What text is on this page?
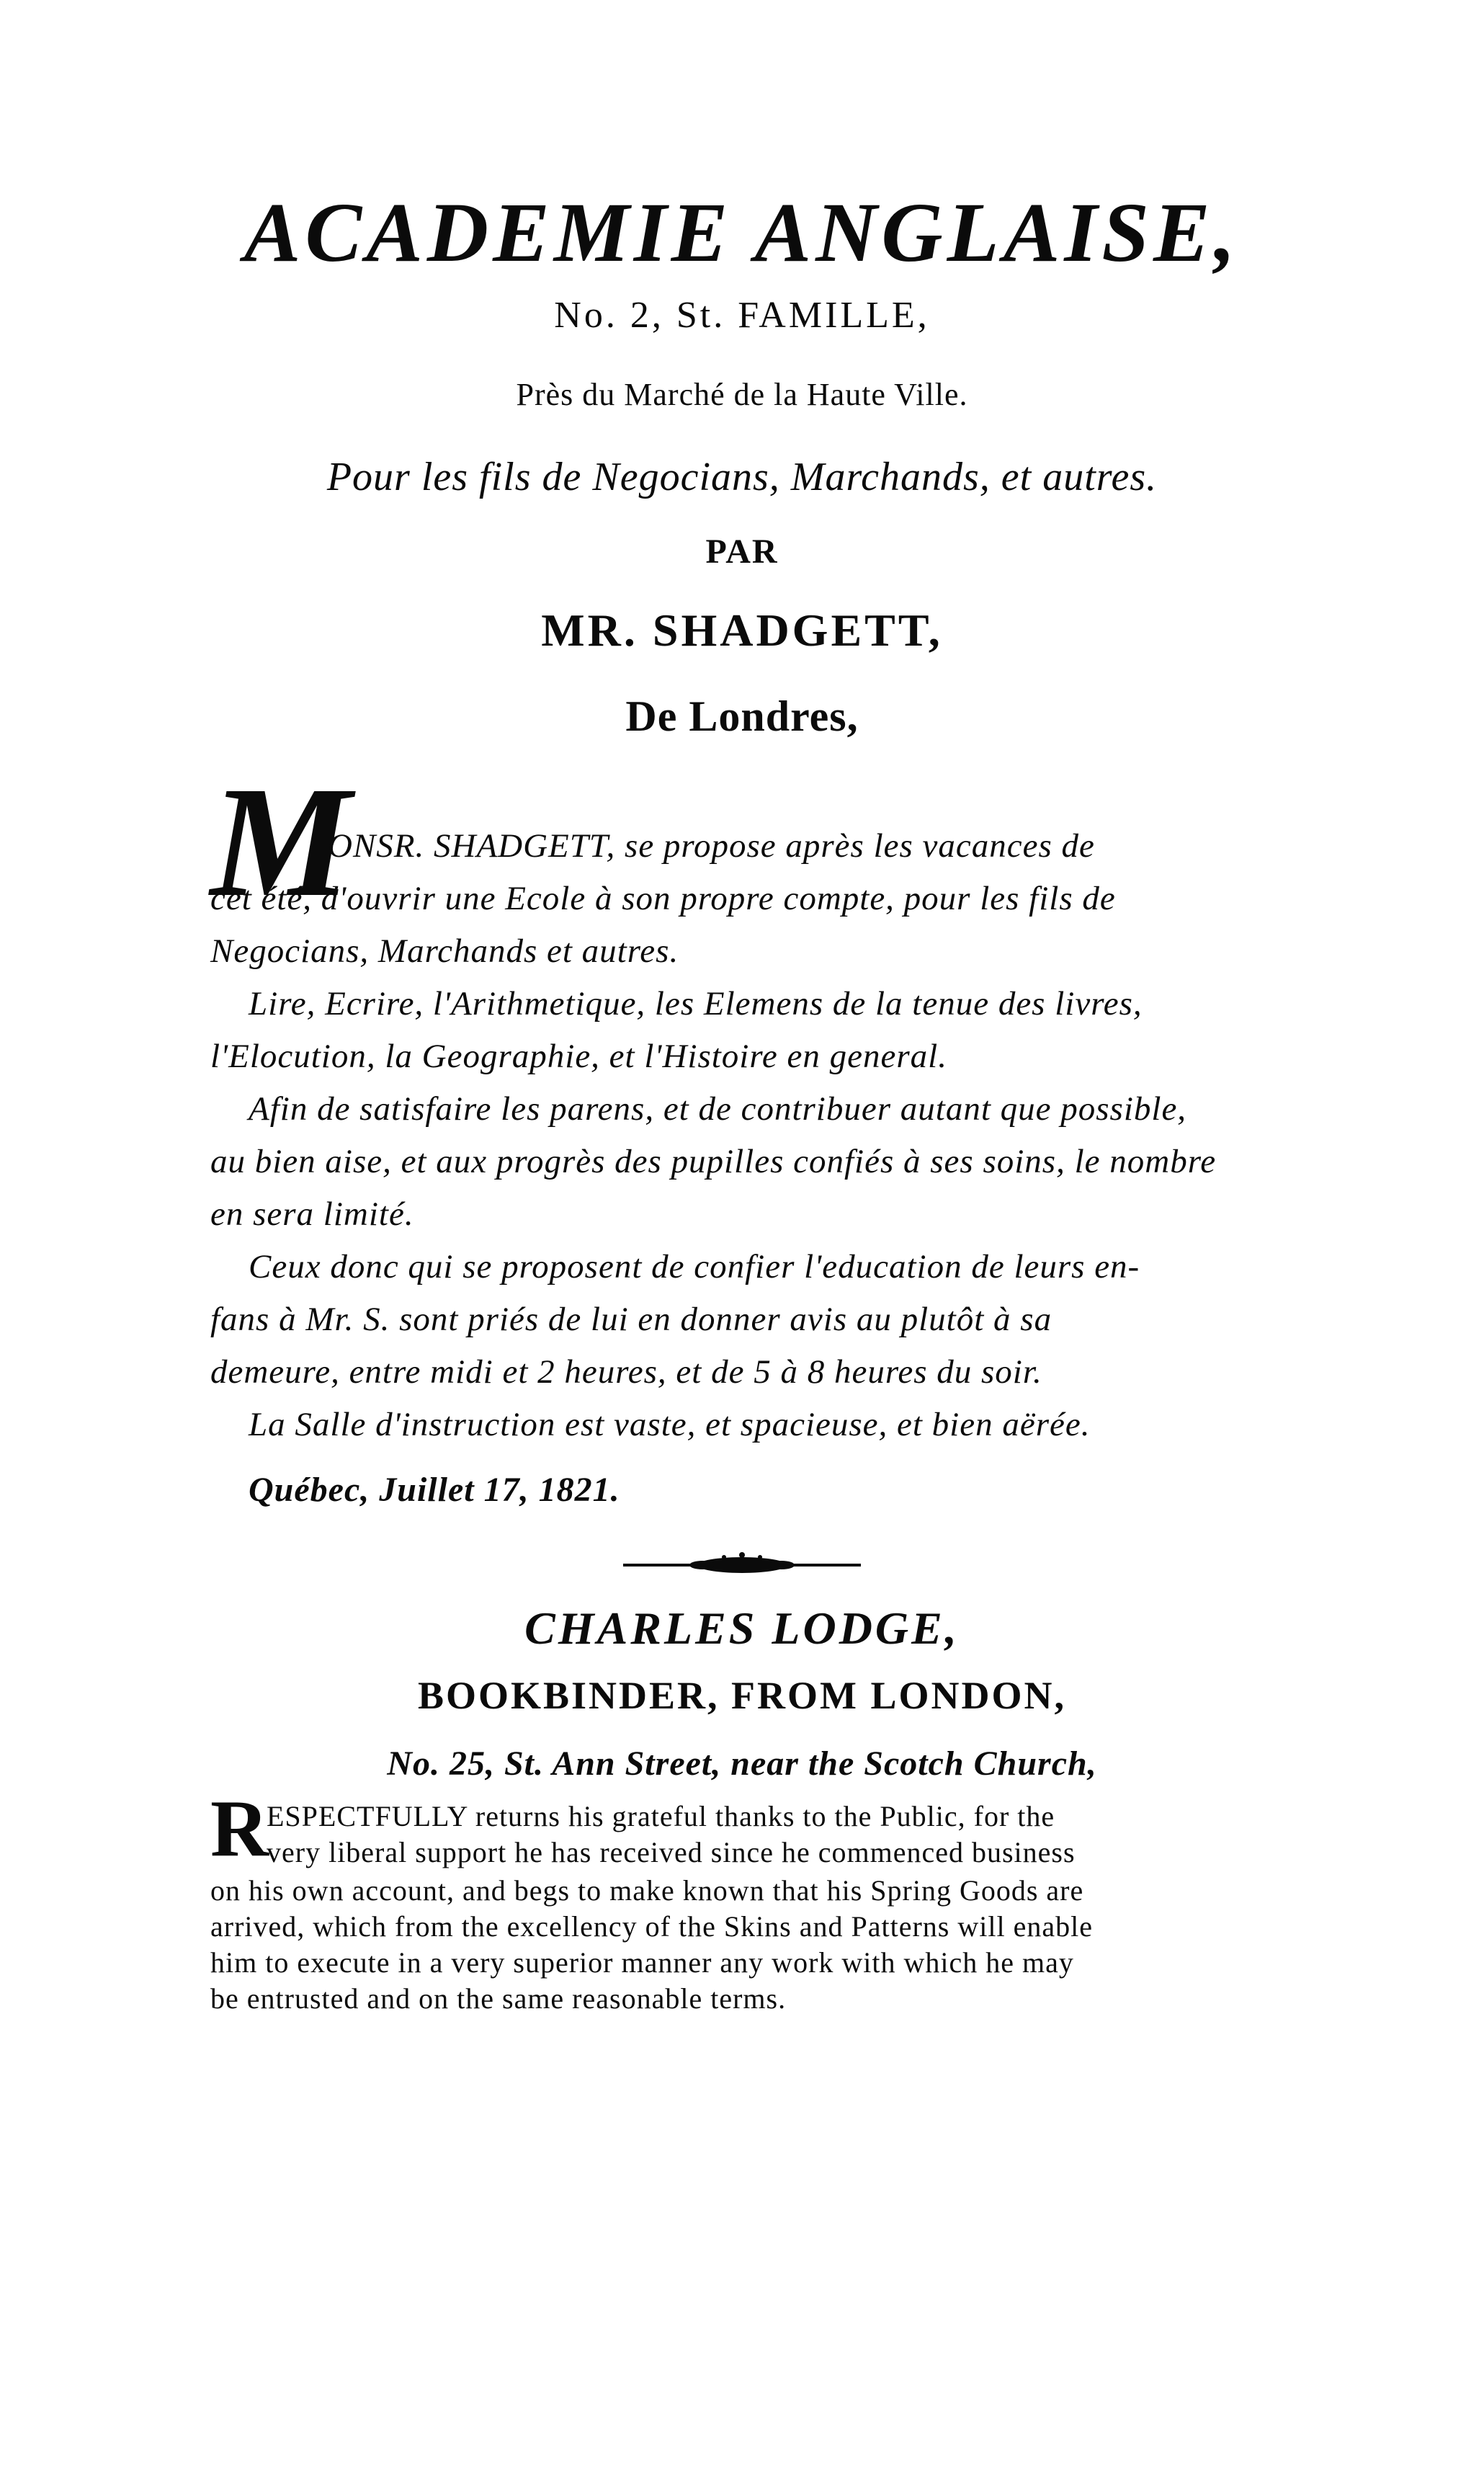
ACADEMIE ANGLAISE,
No. 2, St. FAMILLE,
Près du Marché de la Haute Ville.
Pour les fils de Negocians, Marchands, et autres.
PAR
MR. SHADGETT,
De Londres,
M
ONSR. SHADGETT, se propose après les vacances de
cet été, d'ouvrir une Ecole à son propre compte, pour les fils de
Negocians, Marchands et autres.
Lire, Ecrire, l'Arithmetique, les Elemens de la tenue des livres,
l'Elocution, la Geographie, et l'Histoire en general.
Afin de satisfaire les parens, et de contribuer autant que possible,
au bien aise, et aux progrès des pupilles confiés à ses soins, le nombre
en sera limité.
Ceux donc qui se proposent de confier l'education de leurs en-
fans à Mr. S. sont priés de lui en donner avis au plutôt à sa
demeure, entre midi et 2 heures, et de 5 à 8 heures du soir.
La Salle d'instruction est vaste, et spacieuse, et bien aërée.
Québec, Juillet 17, 1821.
CHARLES LODGE,
BOOKBINDER, FROM LONDON,
No. 25, St. Ann Street, near the Scotch Church,
R
ESPECTFULLY returns his grateful thanks to the Public, for the
very liberal support he has received since he commenced business
on his own account, and begs to make known that his Spring Goods are
arrived, which from the excellency of the Skins and Patterns will enable
him to execute in a very superior manner any work with which he may
be entrusted and on the same reasonable terms.
